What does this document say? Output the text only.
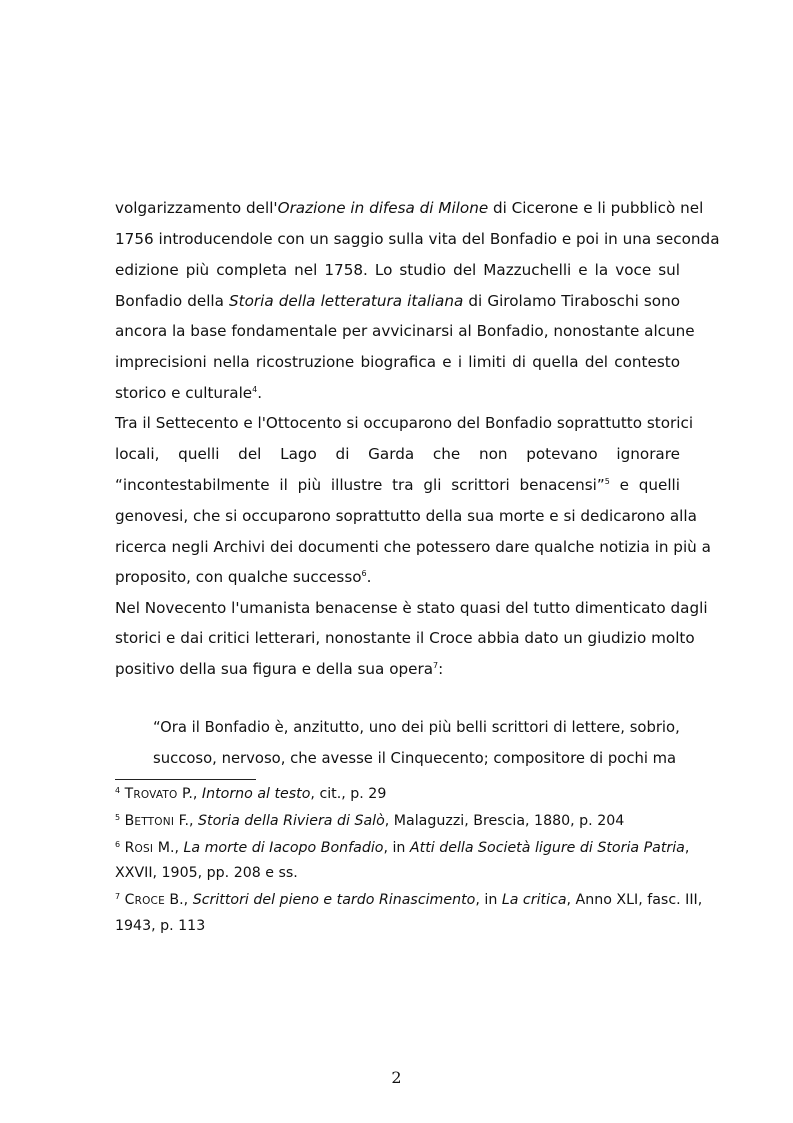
volgarizzamento dell'Orazione in difesa di Milone di Cicerone e li pubblicò nel
1756 introducendole con un saggio sulla vita del Bonfadio e poi in una seconda
edizione più completa nel 1758. Lo studio del Mazzuchelli e la voce sul
Bonfadio della Storia della letteratura italiana di Girolamo Tiraboschi sono
ancora la base fondamentale per avvicinarsi al Bonfadio, nonostante alcune
imprecisioni nella ricostruzione biografica e i limiti di quella del contesto
storico e culturale$^4$.
Tra il Settecento e l'Ottocento si occuparono del Bonfadio soprattutto storici
locali, quelli del Lago di Garda che non potevano ignorare
“incontestabilmente il più illustre tra gli scrittori benacensi”$^5$ e quelli
genovesi, che si occuparono soprattutto della sua morte e si dedicarono alla
ricerca negli Archivi dei documenti che potessero dare qualche notizia in più a
proposito, con qualche successo$^6$.
Nel Novecento l'umanista benacense è stato quasi del tutto dimenticato dagli
storici e dai critici letterari, nonostante il Croce abbia dato un giudizio molto
positivo della sua figura e della sua opera$^7$:
“Ora il Bonfadio è, anzitutto, uno dei più belli scrittori di lettere, sobrio,
succoso, nervoso, che avesse il Cinquecento; compositore di pochi ma
$^4$ TROVATO P., Intorno al testo, cit., p. 29
$^5$ BETTONI F., Storia della Riviera di Salò, Malaguzzi, Brescia, 1880, p. 204
$^6$ ROSI M., La morte di Iacopo Bonfadio, in Atti della Società ligure di Storia Patria,
XXVII, 1905, pp. 208 e ss.
$^7$ CROCE B., Scrittori del pieno e tardo Rinascimento, in La critica, Anno XLI, fasc. III,
1943, p. 113
2
